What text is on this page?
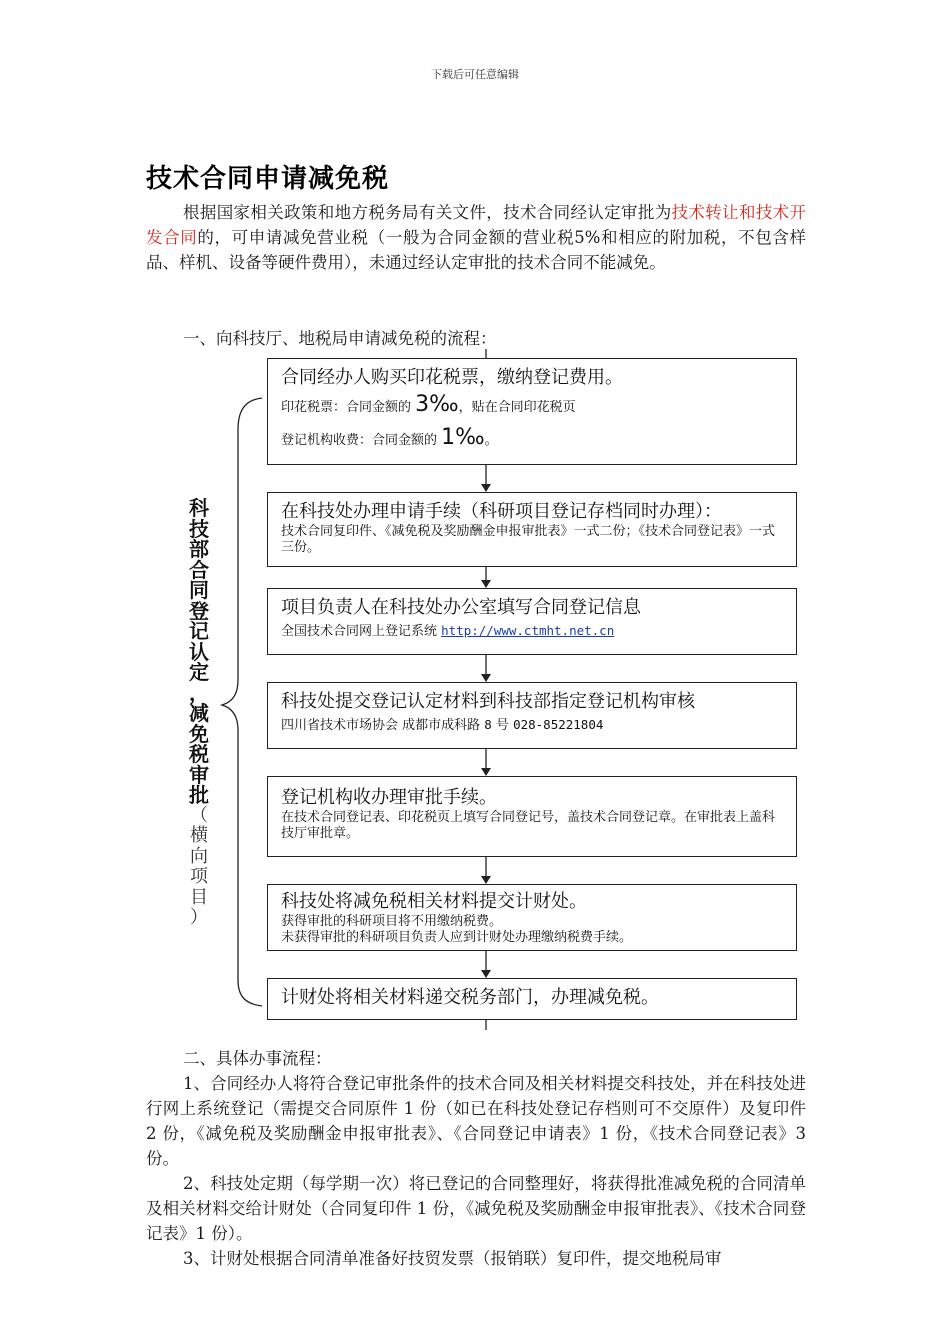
下载后可任意编辑
技术合同申请减免税
根据国家相关政策和地方税务局有关文件，技术合同经认定审批为技术转让和技术开发合同的，可申请减免营业税（一般为合同金额的营业税5%和相应的附加税，不包含样品、样机、设备等硬件费用），未通过经认定审批的技术合同不能减免。
一、向科技厅、地税局申请减免税的流程：
科
技
部
合
同
登
记
认
定
，
减
免
税
审
批
（
横
向
项
目
）
合同经办人购买印花税票，缴纳登记费用。
印花税票：合同金额的 3‰，贴在合同印花税页
登记机构收费：合同金额的 1‰。
在科技处办理申请手续（科研项目登记存档同时办理）：
技术合同复印件、《减免税及奖励酬金申报审批表》一式二份；《技术合同登记表》一式三份。
项目负责人在科技处办公室填写合同登记信息
全国技术合同网上登记系统 http://www.ctmht.net.cn
科技处提交登记认定材料到科技部指定登记机构审核
四川省技术市场协会 成都市成科路 8 号 028-85221804
登记机构收办理审批手续。
在技术合同登记表、印花税页上填写合同登记号，盖技术合同登记章。在审批表上盖科技厅审批章。
科技处将减免税相关材料提交计财处。
获得审批的科研项目将不用缴纳税费。
未获得审批的科研项目负责人应到计财处办理缴纳税费手续。
计财处将相关材料递交税务部门，办理减免税。

二、具体办事流程：

1、合同经办人将符合登记审批条件的技术合同及相关材料提交科技处，并在科技处进行网上系统登记（需提交合同原件 1 份（如已在科技处登记存档则可不交原件）及复印件 2 份，《减免税及奖励酬金申报审批表》、《合同登记申请表》1 份，《技术合同登记表》3 份。

2、科技处定期（每学期一次）将已登记的合同整理好，将获得批准减免税的合同清单及相关材料交给计财处（合同复印件 1 份，《减免税及奖励酬金申报审批表》、《技术合同登记表》1 份）。

3、计财处根据合同清单准备好技贸发票（报销联）复印件，提交地税局审
